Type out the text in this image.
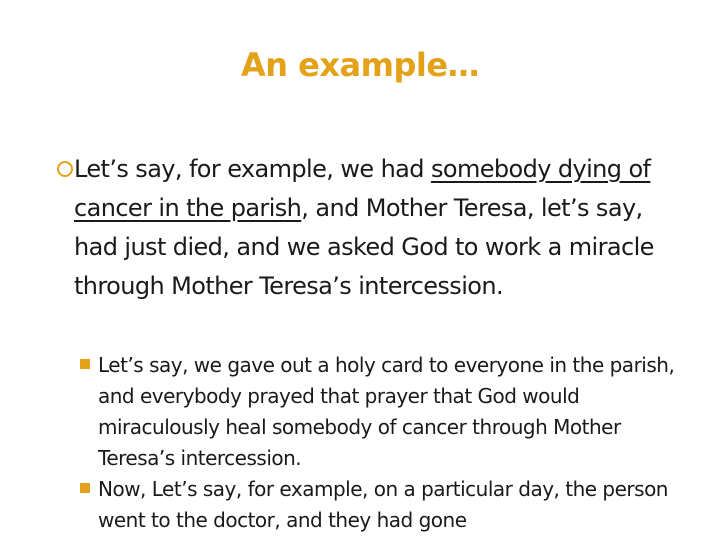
An example…
Let’s say, for example, we had somebody dying of cancer in the parish, and Mother Teresa, let’s say, had just died, and we asked God to work a miracle through Mother Teresa’s intercession.
Let’s say, we gave out a holy card to everyone in the parish, and everybody prayed that prayer that God would miraculously heal somebody of cancer through Mother Teresa’s intercession.
Now, Let’s say, for example, on a particular day, the person went to the doctor, and they had gone
